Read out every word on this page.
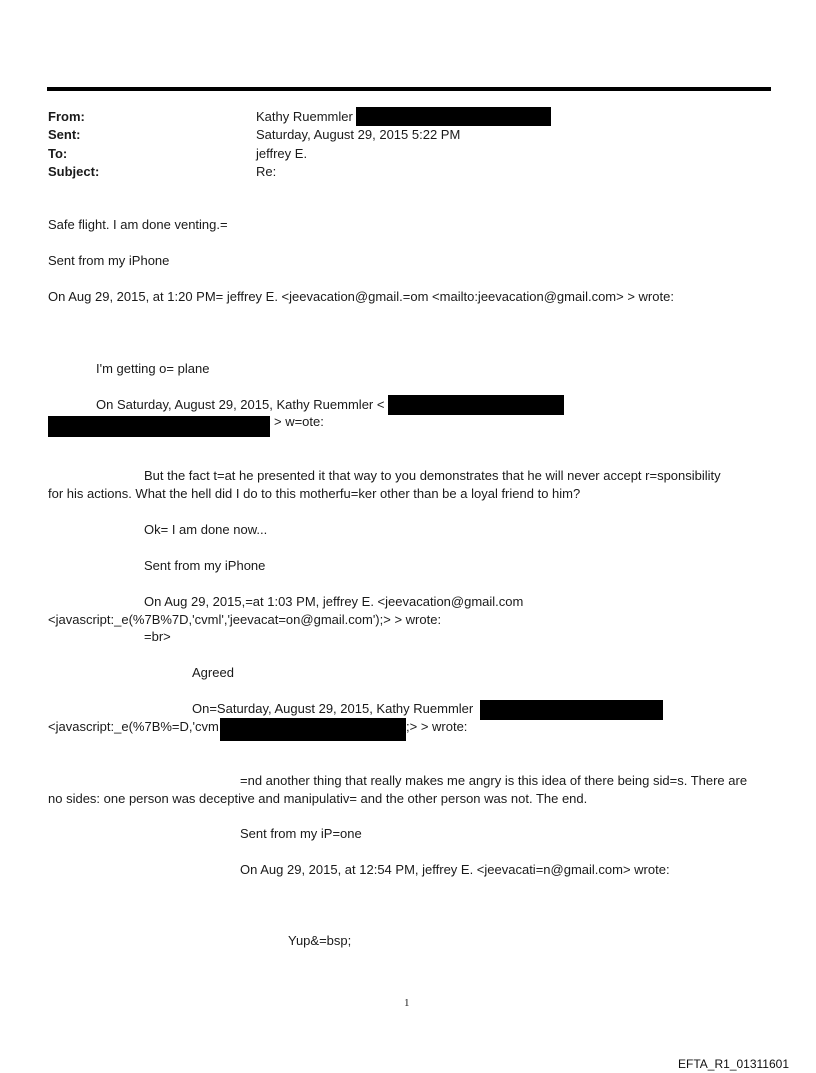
From:	Kathy Ruemmler
Sent:	Saturday, August 29, 2015 5:22 PM
To:	jeffrey E.
Subject:	Re:
Safe flight. I am done venting.=
Sent from my iPhone
On Aug 29, 2015, at 1:20 PM= jeffrey E. <jeevacation@gmail.=om <mailto:jeevacation@gmail.com> > wrote:
I'm getting o= plane
On Saturday, August 29, 2015, Kathy Ruemmler <
> w=ote:
But the fact t=at he presented it that way to you demonstrates that he will never accept r=sponsibility
for his actions. What the hell did I do to this motherfu=ker other than be a loyal friend to him?
Ok= I am done now...
Sent from my iPhone
On Aug 29, 2015,=at 1:03 PM, jeffrey E. <jeevacation@gmail.com
<javascript:_e(%7B%7D,'cvml','jeevacat=on@gmail.com');> > wrote:
=br>
Agreed
On=Saturday, August 29, 2015, Kathy Ruemmler
<javascript:_e(%7B%=D,'cvm	;> > wrote:
=nd another thing that really makes me angry is this idea of there being sid=s. There are
no sides: one person was deceptive and manipulativ= and the other person was not. The end.
Sent from my iP=one
On Aug 29, 2015, at 12:54 PM, jeffrey E. <jeevacati=n@gmail.com> wrote:
Yup&=bsp;
1
EFTA_R1_01311601
